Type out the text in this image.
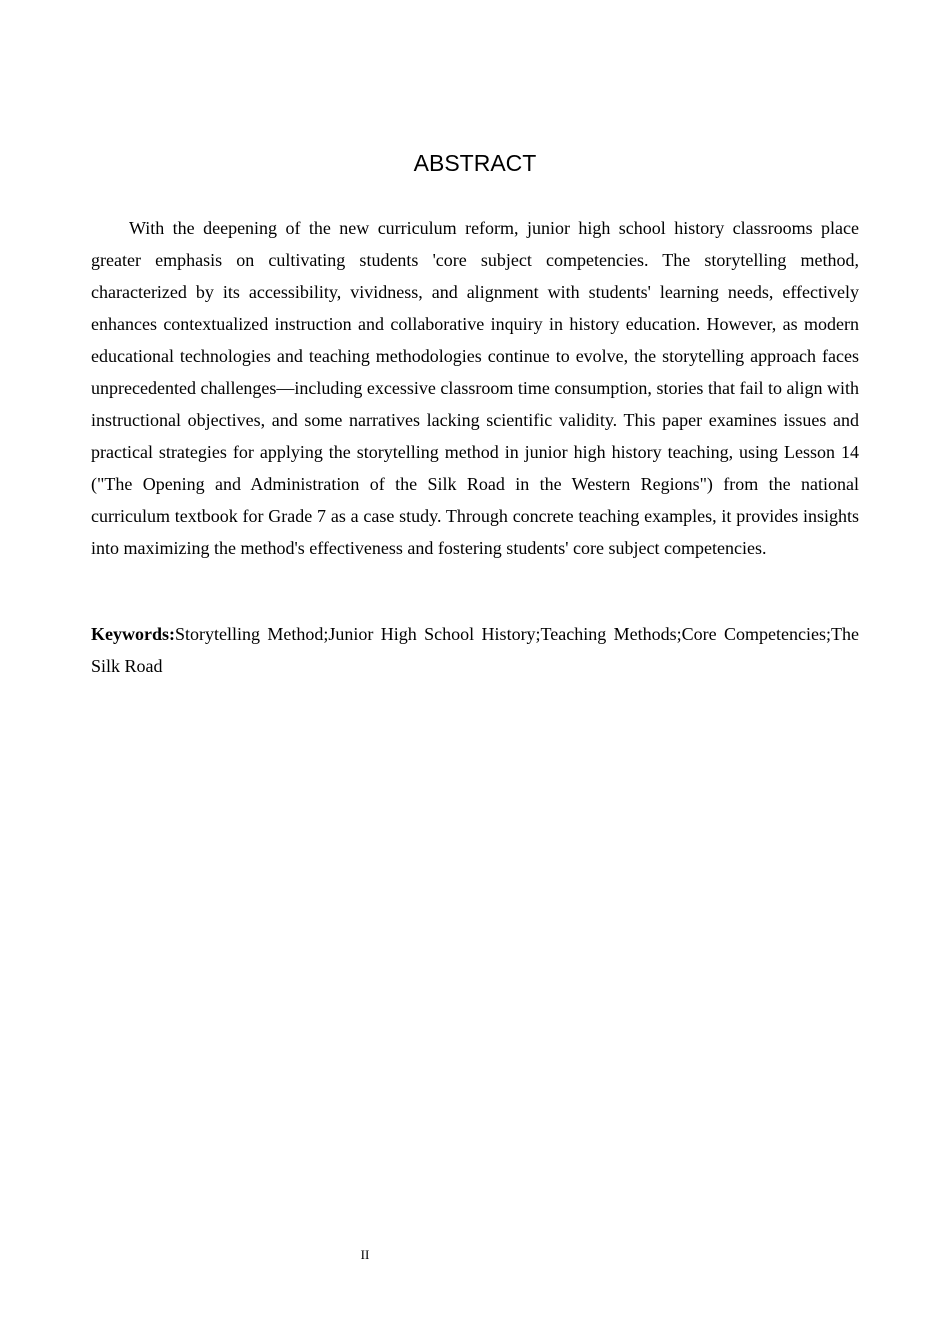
ABSTRACT

With the deepening of the new curriculum reform, junior high school history classrooms place greater emphasis on cultivating students 'core subject competencies. The storytelling method, characterized by its accessibility, vividness, and alignment with students' learning needs, effectively enhances contextualized instruction and collaborative inquiry in history education. However, as modern educational technologies and teaching methodologies continue to evolve, the storytelling approach faces unprecedented challenges—including excessive classroom time consumption, stories that fail to align with instructional objectives, and some narratives lacking scientific validity. This paper examines issues and practical strategies for applying the storytelling method in junior high history teaching, using Lesson 14 ("The Opening and Administration of the Silk Road in the Western Regions") from the national curriculum textbook for Grade 7 as a case study. Through concrete teaching examples, it provides insights into maximizing the method's effectiveness and fostering students' core subject competencies.

Keywords:Storytelling Method;Junior High School History;Teaching Methods;Core Competencies;The Silk Road

II
